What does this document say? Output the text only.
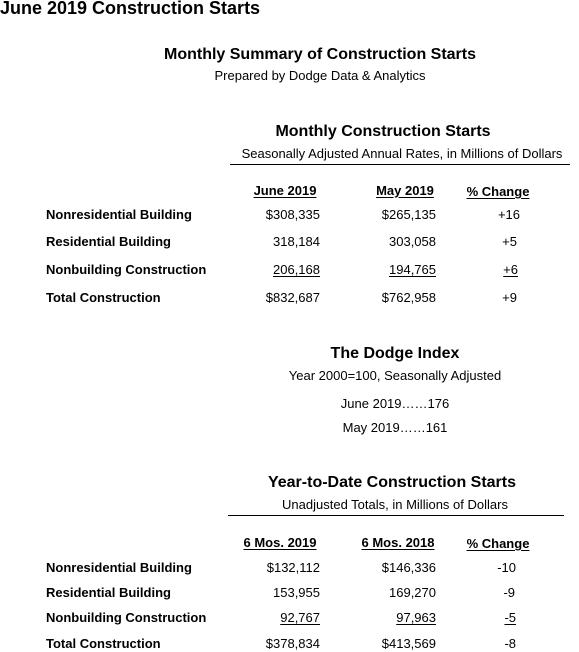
June 2019 Construction Starts
Monthly Summary of Construction Starts
Prepared by Dodge Data & Analytics
Monthly Construction Starts
Seasonally Adjusted Annual Rates, in Millions of Dollars
June 2019	May 2019	% Change
Nonresidential Building	$308,335	$265,135	+16
Residential Building	318,184	303,058	+5
Nonbuilding Construction	206,168	194,765	+6
Total Construction	$832,687	$762,958	+9
The Dodge Index
Year 2000=100, Seasonally Adjusted
June 2019……176
May 2019……161
Year-to-Date Construction Starts
Unadjusted Totals, in Millions of Dollars
6 Mos. 2019	6 Mos. 2018	% Change
Nonresidential Building	$132,112	$146,336	-10
Residential Building	153,955	169,270	-9
Nonbuilding Construction	92,767	97,963	-5
Total Construction	$378,834	$413,569	-8
